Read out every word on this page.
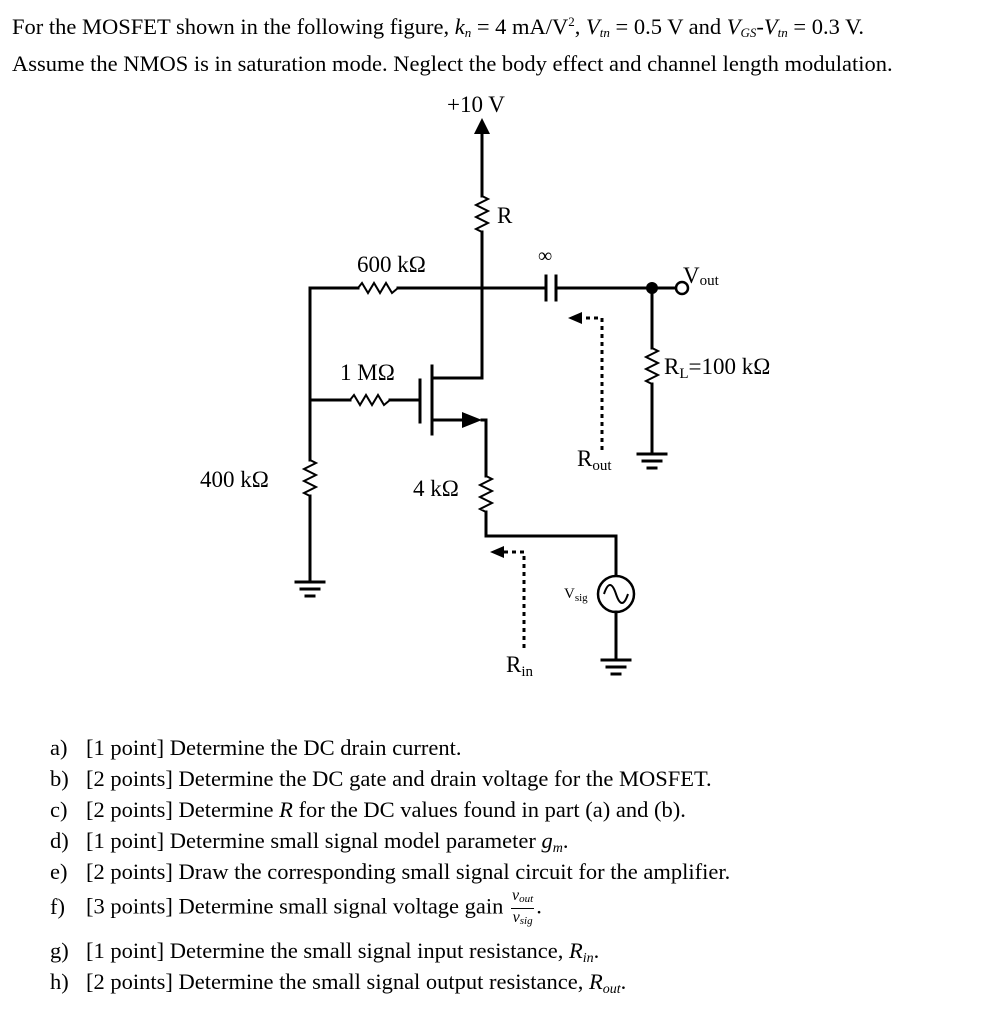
For the MOSFET shown in the following figure, $k_n = 4$ $mA/V^2$, $V_{tn} = 0.5$ V and $V_{GS}-V_{tn} = 0.3$ V.
Assume the NMOS is in saturation mode. Neglect the body effect and channel length modulation.
+10 V
R
600 kΩ	∞
Vout
RL=100 kΩ
400 kΩ
1 MΩ
4 kΩ
$V_{sig}$
Rout
Rin
a) [1 point] Determine the DC drain current.
b) [2 points] Determine the DC gate and drain voltage for the MOSFET.
c) [2 points] Determine R for the DC values found in part (a) and (b).
d) [1 point] Determine small signal model parameter $g_m$.
e) [2 points] Draw the corresponding small signal circuit for the amplifier.
f) [3 points] Determine small signal voltage gain $\frac{v_{out}}{v_{sig}}$ .
g) [1 point] Determine the small signal input resistance, $R_{in}$.
h) [2 points] Determine the small signal output resistance, $R_{out}$.
